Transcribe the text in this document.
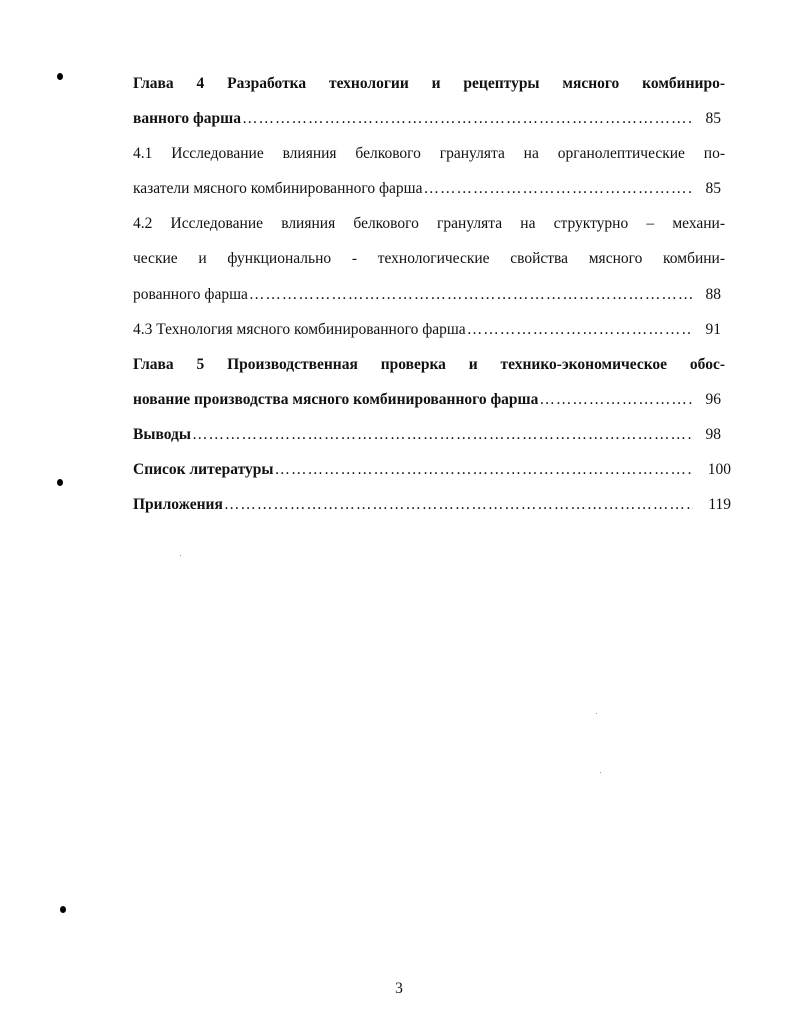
Глава 4 Разработка технологии и рецептуры мясного комбиниро-
ванного фарша ……………………………………………………………………………………………………………………………………………………………………………	85
4.1 Исследование влияния белкового гранулята на органолептические по-
казатели мясного комбинированного фарша ……………………………………………………………………………………………………………………………………………………………………………	85
4.2 Исследование влияния белкового гранулята на структурно – механи-
ческие и функционально - технологические свойства мясного комбини-
рованного фарша ……………………………………………………………………………………………………………………………………………………………………………	88
4.3 Технология мясного комбинированного фарша ……………………………………………………………………………………………………………………………………………………………………………	91
Глава 5 Производственная проверка и технико-экономическое обос-
нование производства мясного комбинированного фарша ……………………………………………………………………………………………………………………………………………………………………………	96
Выводы ……………………………………………………………………………………………………………………………………………………………………………	98
Список литературы ……………………………………………………………………………………………………………………………………………………………………………	100
Приложения ……………………………………………………………………………………………………………………………………………………………………………	119
3
